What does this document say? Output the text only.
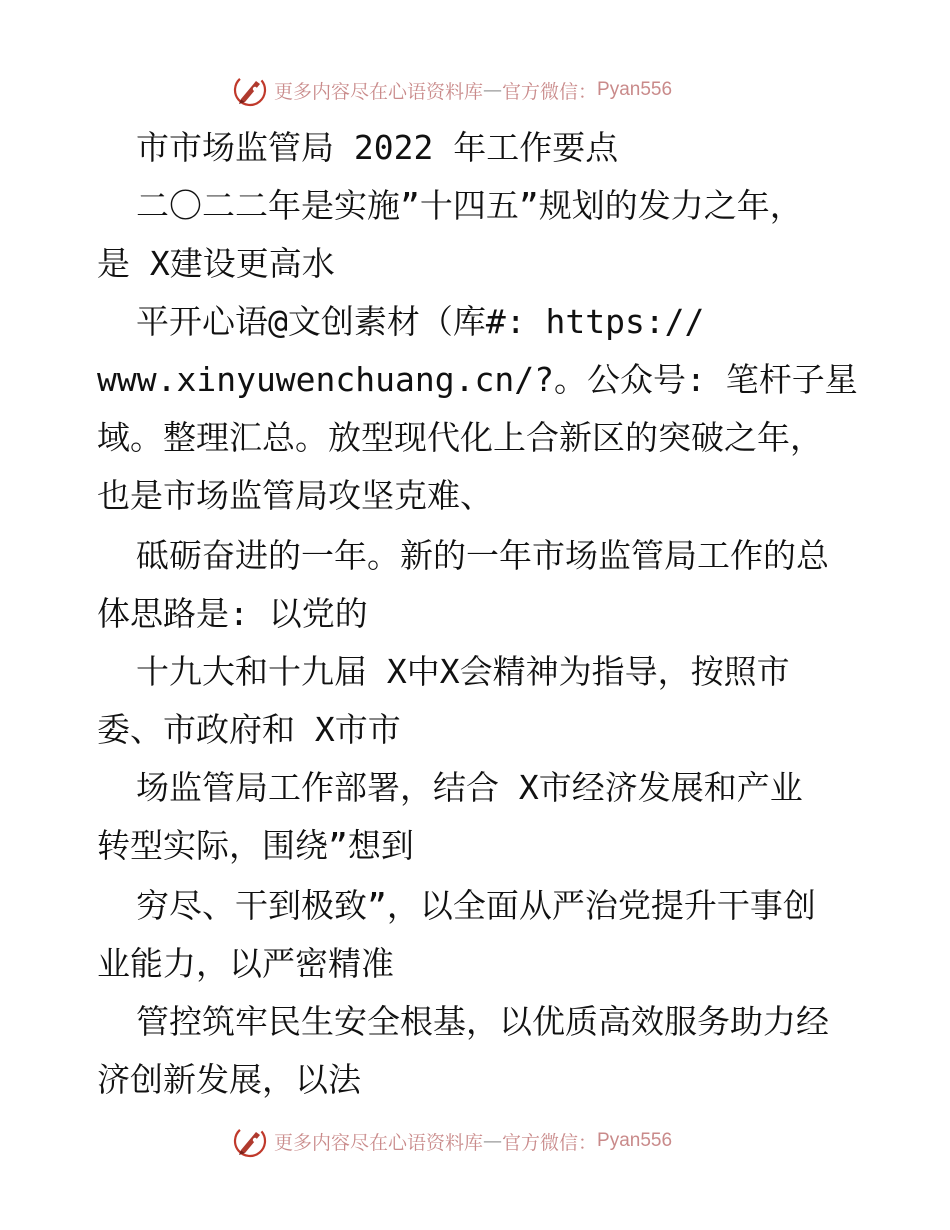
更多内容尽在心语资料库 — 官方微信： Pyan556
市市场监管局 2022 年工作要点
二〇二二年是实施”十四五”规划的发力之年，
是 X建设更高水
平开心语@文创素材（库#: https://
www.xinyuwenchuang.cn/?。公众号: 笔杆子星
域。整理汇总。放型现代化上合新区的突破之年，
也是市场监管局攻坚克难、
砥砺奋进的一年。新的一年市场监管局工作的总
体思路是: 以党的
十九大和十九届 X中X会精神为指导，按照市
委、市政府和 X市市
场监管局工作部署，结合 X市经济发展和产业
转型实际，围绕”想到
穷尽、干到极致”，以全面从严治党提升干事创
业能力，以严密精准
管控筑牢民生安全根基，以优质高效服务助力经
济创新发展，以法
更多内容尽在心语资料库 — 官方微信： Pyan556
